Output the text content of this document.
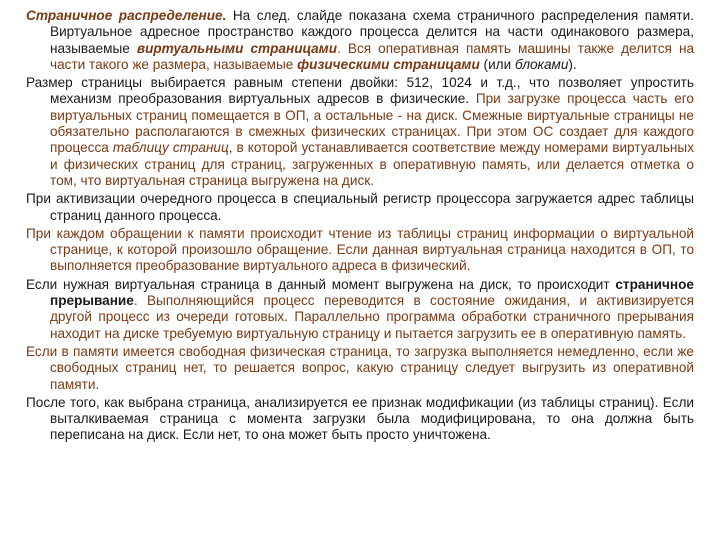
Страничное распределение. На след. слайде показана схема страничного распределения памяти. Виртуальное адресное пространство каждого процесса делится на части одинакового размера, называемые виртуальными страницами. Вся оперативная память машины также делится на части такого же размера, называемые физическими страницами (или блоками).

Размер страницы выбирается равным степени двойки: 512, 1024 и т.д., что позволяет упростить механизм преобразования виртуальных адресов в физические. При загрузке процесса часть его виртуальных страниц помещается в ОП, а остальные - на диск. Смежные виртуальные страницы не обязательно располагаются в смежных физических страницах. При этом ОС создает для каждого процесса таблицу страниц, в которой устанавливается соответствие между номерами виртуальных и физических страниц для страниц, загруженных в оперативную память, или делается отметка о том, что виртуальная страница выгружена на диск.

При активизации очередного процесса в специальный регистр процессора загружается адрес таблицы страниц данного процесса.

При каждом обращении к памяти происходит чтение из таблицы страниц информации о виртуальной странице, к которой произошло обращение. Если данная виртуальная страница находится в ОП, то выполняется преобразование виртуального адреса в физический.

Если нужная виртуальная страница в данный момент выгружена на диск, то происходит страничное прерывание. Выполняющийся процесс переводится в состояние ожидания, и активизируется другой процесс из очереди готовых. Параллельно программа обработки страничного прерывания находит на диске требуемую виртуальную страницу и пытается загрузить ее в оперативную память.

Если в памяти имеется свободная физическая страница, то загрузка выполняется немедленно, если же свободных страниц нет, то решается вопрос, какую страницу следует выгрузить из оперативной памяти.

После того, как выбрана страница, анализируется ее признак модификации (из таблицы страниц). Если выталкиваемая страница с момента загрузки была модифицирована, то она должна быть переписана на диск. Если нет, то она может быть просто уничтожена.
